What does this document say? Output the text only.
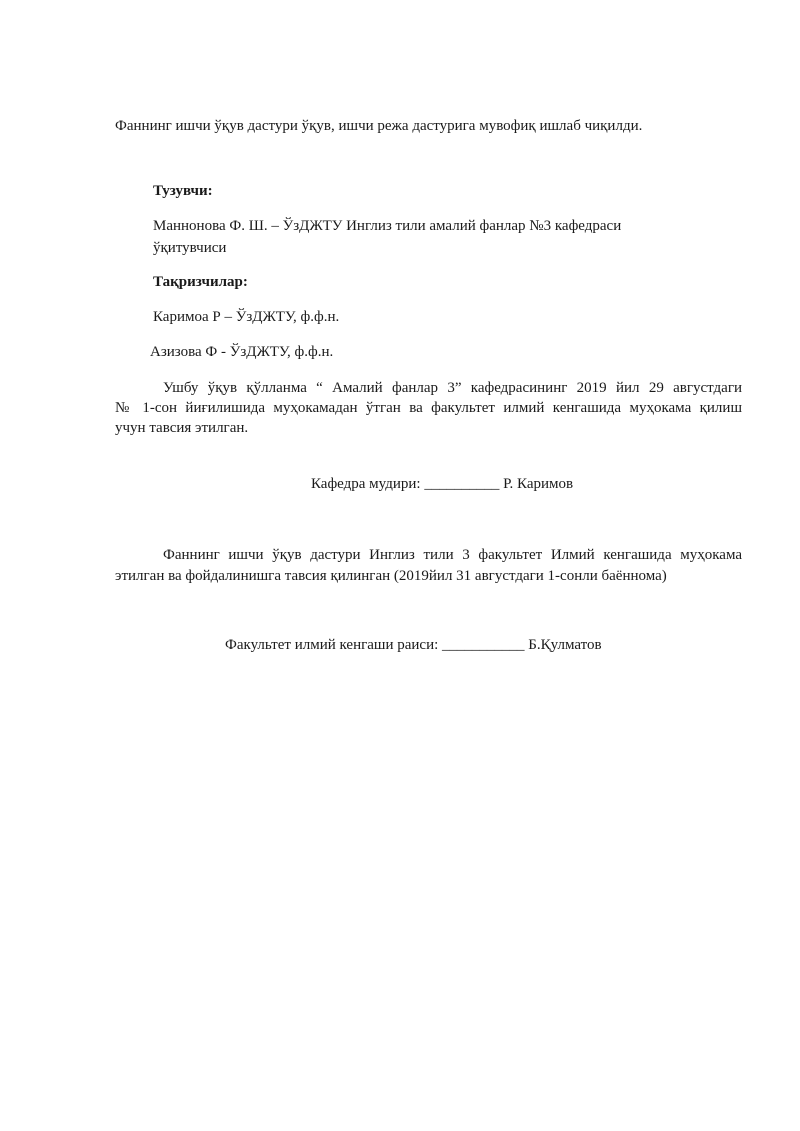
Фаннинг ишчи ўқув дастури ўқув, ишчи режа дастурига мувофиқ ишлаб чиқилди.

Тузувчи:

Маннонова Ф. Ш. – ЎзДЖТУ Инглиз тили амалий фанлар №3 кафедраси

ўқитувчиси

Тақризчилар:

Каримоа Р – ЎзДЖТУ, ф.ф.н.

Азизова Ф - ЎзДЖТУ, ф.ф.н.

Ушбу ўқув қўлланма “ Амалий фанлар 3” кафедрасининг 2019 йил 29 августдаги

№ 1-сон йиғилишида муҳокамадан ўтган ва факультет илмий кенгашида муҳокама қилиш

учун тавсия этилган.

Кафедра мудири: __________ Р. Каримов

Фаннинг ишчи ўқув дастури Инглиз тили 3 факультет Илмий кенгашида муҳокама

этилган ва фойдалинишга тавсия қилинган (2019йил 31 августдаги 1-сонли баённома)

Факультет илмий кенгаши раиси: ___________ Б.Қулматов
